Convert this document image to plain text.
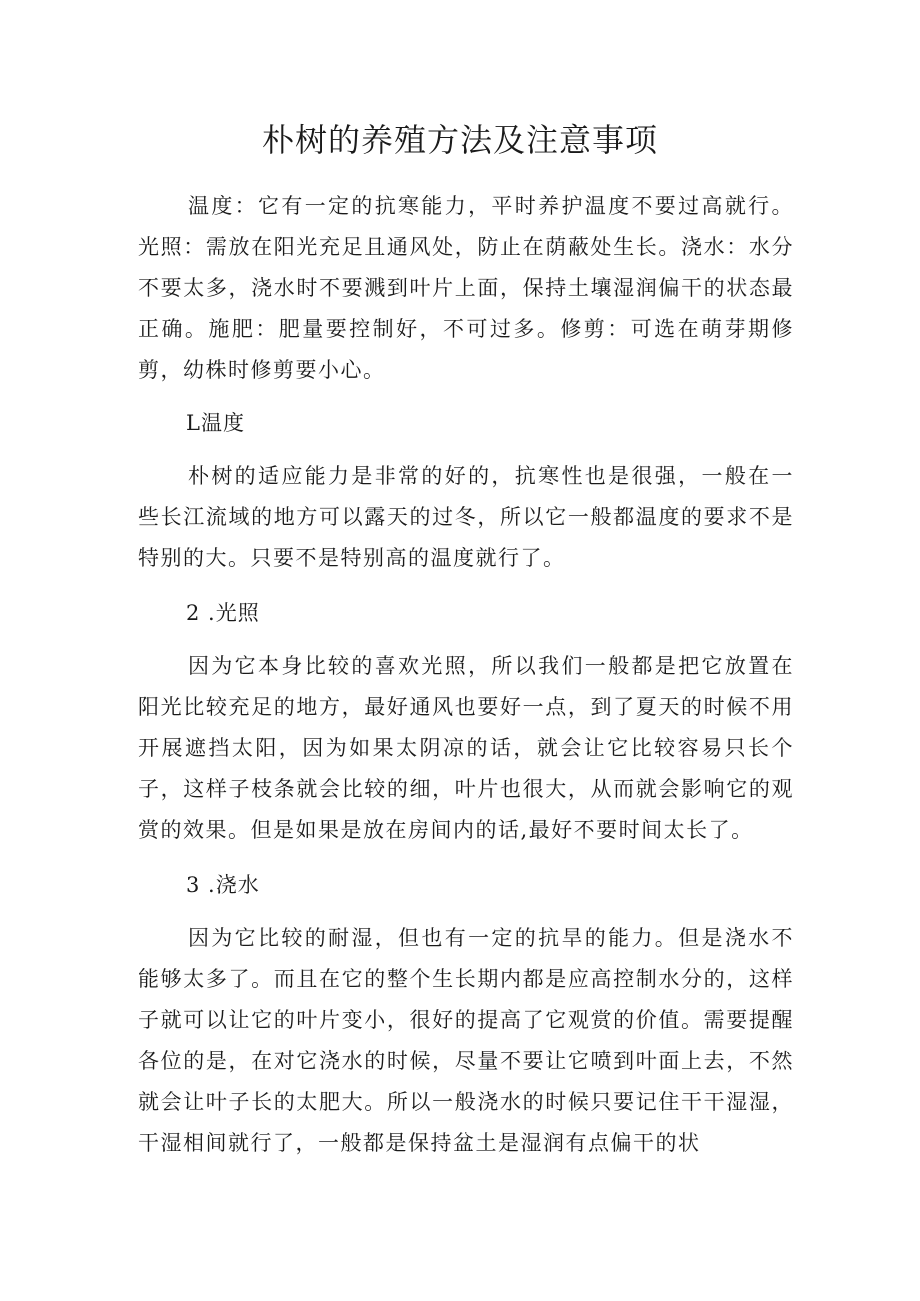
朴树的养殖方法及注意事项

温度：它有一定的抗寒能力，平时养护温度不要过高就行。光照：需放在阳光充足且通风处，防止在荫蔽处生长。浇水：水分不要太多，浇水时不要溅到叶片上面，保持土壤湿润偏干的状态最正确。施肥：肥量要控制好，不可过多。修剪：可选在萌芽期修剪，幼株时修剪要小心。

L温度

朴树的适应能力是非常的好的，抗寒性也是很强，一般在一些长江流域的地方可以露天的过冬，所以它一般都温度的要求不是特别的大。只要不是特别高的温度就行了。

2 .光照

因为它本身比较的喜欢光照，所以我们一般都是把它放置在阳光比较充足的地方，最好通风也要好一点，到了夏天的时候不用开展遮挡太阳，因为如果太阴凉的话，就会让它比较容易只长个子，这样子枝条就会比较的细，叶片也很大，从而就会影响它的观赏的效果。但是如果是放在房间内的话,最好不要时间太长了。

3 .浇水

因为它比较的耐湿，但也有一定的抗旱的能力。但是浇水不能够太多了。而且在它的整个生长期内都是应高控制水分的，这样子就可以让它的叶片变小，很好的提高了它观赏的价值。需要提醒各位的是，在对它浇水的时候，尽量不要让它喷到叶面上去，不然就会让叶子长的太肥大。所以一般浇水的时候只要记住干干湿湿，干湿相间就行了，一般都是保持盆土是湿润有点偏干的状
